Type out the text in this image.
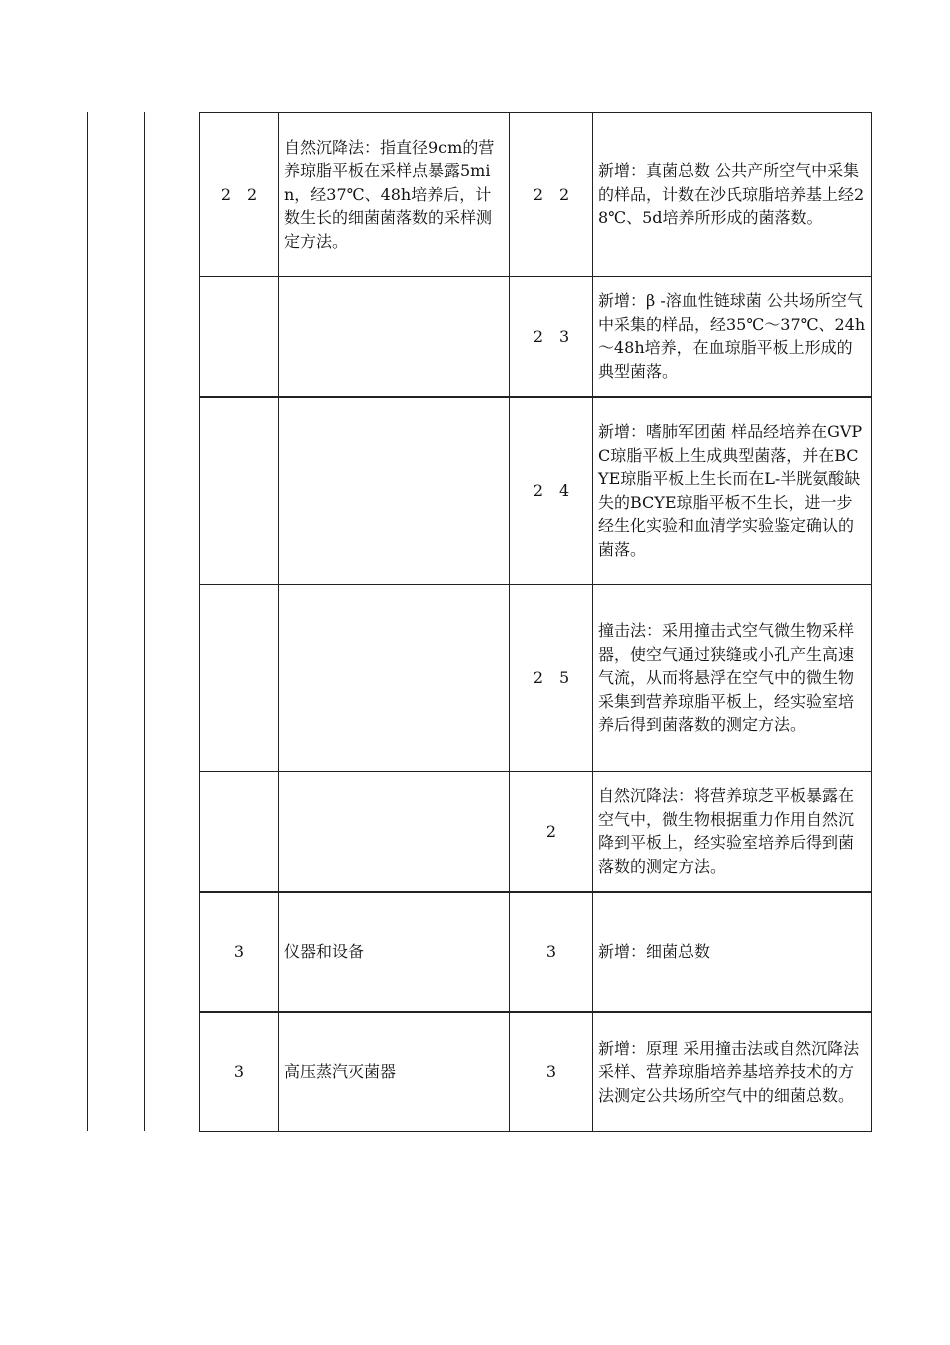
2　2	自然沉降法：指直径9cm的营养琼脂平板在采样点暴露5min，经37℃、48h培养后，计数生长的细菌菌落数的采样测定方法。	2　2	新增：真菌总数 公共产所空气中采集的样品，计数在沙氏琼脂培养基上经28℃、5d培养所形成的菌落数。
		2　3	新增：β -溶血性链球菌 公共场所空气中采集的样品，经35℃～37℃、24h～48h培养，在血琼脂平板上形成的典型菌落。
		2　4	新增：嗜肺军团菌 样品经培养在GVPC琼脂平板上生成典型菌落，并在BCYE琼脂平板上生长而在L-半胱氨酸缺失的BCYE琼脂平板不生长，进一步经生化实验和血清学实验鉴定确认的菌落。
		2　5	撞击法：采用撞击式空气微生物采样器，使空气通过狭缝或小孔产生高速气流，从而将悬浮在空气中的微生物采集到营养琼脂平板上，经实验室培养后得到菌落数的测定方法。
		2	自然沉降法：将营养琼芝平板暴露在空气中，微生物根据重力作用自然沉降到平板上，经实验室培养后得到菌落数的测定方法。
3	仪器和设备	3	新增：细菌总数
3	高压蒸汽灭菌器	3	新增：原理 采用撞击法或自然沉降法采样、营养琼脂培养基培养技术的方法测定公共场所空气中的细菌总数。
